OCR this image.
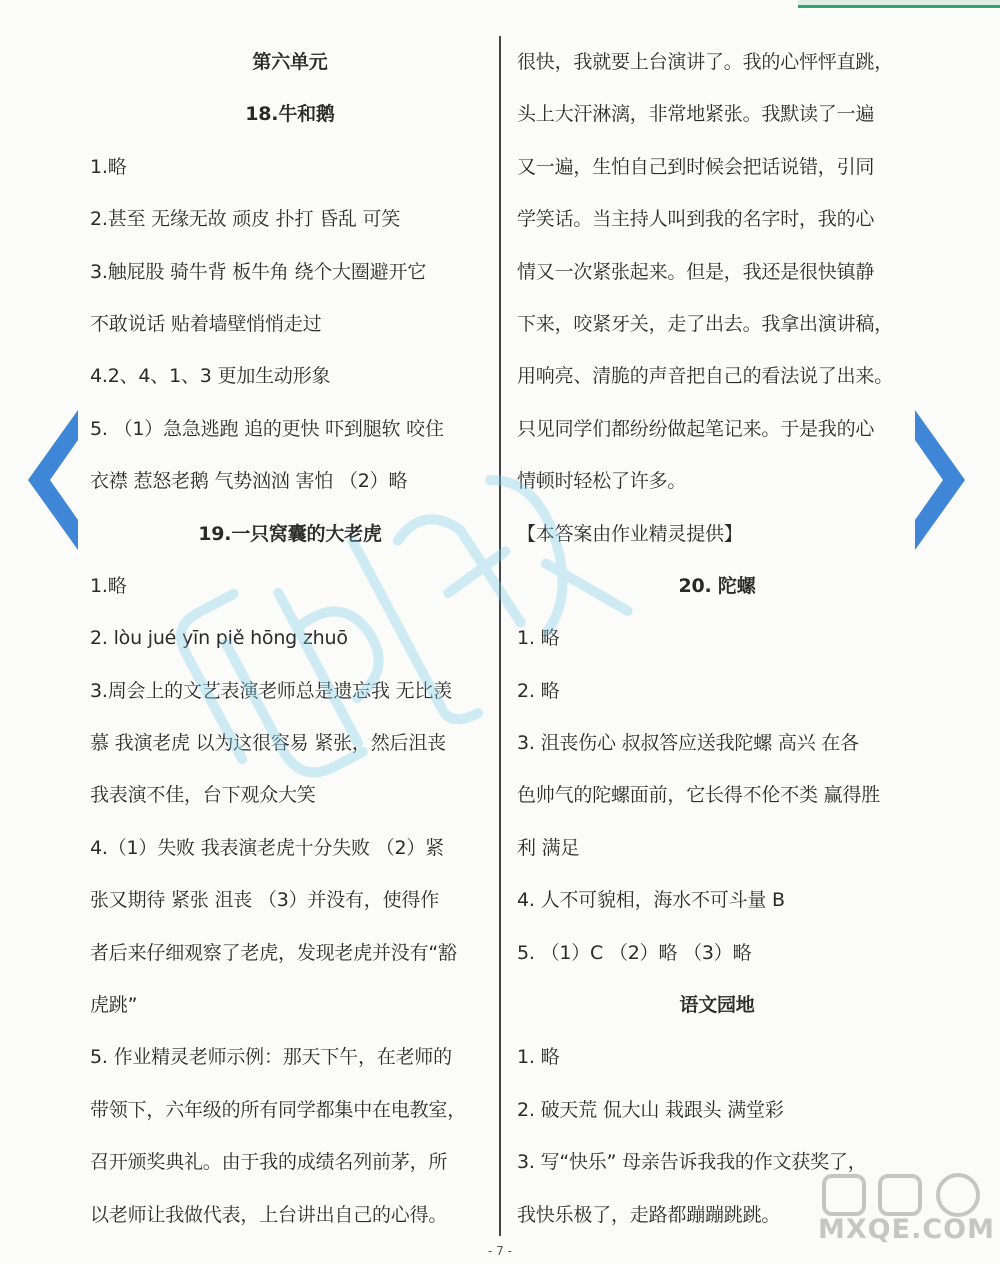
第六单元
18.牛和鹅
1.略
2.甚至 无缘无故 顽皮 扑打 昏乱 可笑
3.触屁股 骑牛背 板牛角 绕个大圈避开它
不敢说话 贴着墙壁悄悄走过
4.2、4、1、3 更加生动形象
5. （1）急急逃跑 追的更快 吓到腿软 咬住
衣襟 惹怒老鹅 气势汹汹 害怕 （2）略
19.一只窝囊的大老虎
1.略
2. lòu jué yīn piě hōng zhuō
3.周会上的文艺表演老师总是遗忘我 无比羡
慕 我演老虎 以为这很容易 紧张，然后沮丧
我表演不佳，台下观众大笑
4.（1）失败 我表演老虎十分失败 （2）紧
张又期待 紧张 沮丧 （3）并没有，使得作
者后来仔细观察了老虎，发现老虎并没有“豁
虎跳”
5. 作业精灵老师示例：那天下午，在老师的
带领下，六年级的所有同学都集中在电教室，
召开颁奖典礼。由于我的成绩名列前茅，所
以老师让我做代表，上台讲出自己的心得。
很快，我就要上台演讲了。我的心怦怦直跳，
头上大汗淋漓，非常地紧张。我默读了一遍
又一遍，生怕自己到时候会把话说错，引同
学笑话。当主持人叫到我的名字时，我的心
情又一次紧张起来。但是，我还是很快镇静
下来，咬紧牙关，走了出去。我拿出演讲稿，
用响亮、清脆的声音把自己的看法说了出来。
只见同学们都纷纷做起笔记来。于是我的心
情顿时轻松了许多。
【本答案由作业精灵提供】
20. 陀螺
1. 略
2. 略
3. 沮丧伤心 叔叔答应送我陀螺 高兴 在各
色帅气的陀螺面前，它长得不伦不类 赢得胜
利 满足
4. 人不可貌相，海水不可斗量 B
5. （1）C （2）略 （3）略
语文园地
1. 略
2. 破天荒 侃大山 栽跟头 满堂彩
3. 写“快乐” 母亲告诉我我的作文获奖了，
我快乐极了，走路都蹦蹦跳跳。
- 7 -
MXQE.COM
